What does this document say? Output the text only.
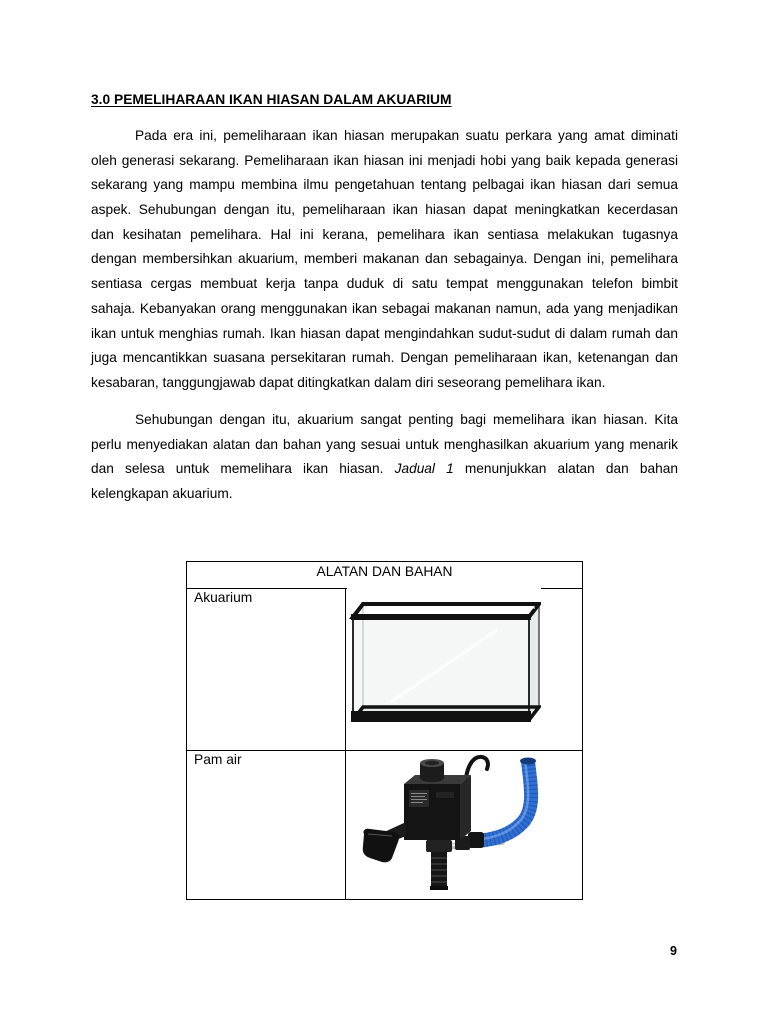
3.0 PEMELIHARAAN IKAN HIASAN DALAM AKUARIUM
Pada era ini, pemeliharaan ikan hiasan merupakan suatu perkara yang amat diminati
oleh generasi sekarang. Pemeliharaan ikan hiasan ini menjadi hobi yang baik kepada generasi
sekarang yang mampu membina ilmu pengetahuan tentang pelbagai ikan hiasan dari semua
aspek. Sehubungan dengan itu, pemeliharaan ikan hiasan dapat meningkatkan kecerdasan
dan kesihatan pemelihara. Hal ini kerana, pemelihara ikan sentiasa melakukan tugasnya
dengan membersihkan akuarium, memberi makanan dan sebagainya. Dengan ini, pemelihara
sentiasa cergas membuat kerja tanpa duduk di satu tempat menggunakan telefon bimbit
sahaja. Kebanyakan orang menggunakan ikan sebagai makanan namun, ada yang menjadikan
ikan untuk menghias rumah. Ikan hiasan dapat mengindahkan sudut-sudut di dalam rumah dan
juga mencantikkan suasana persekitaran rumah. Dengan pemeliharaan ikan, ketenangan dan
kesabaran, tanggungjawab dapat ditingkatkan dalam diri seseorang pemelihara ikan.
Sehubungan dengan itu, akuarium sangat penting bagi memelihara ikan hiasan. Kita
perlu menyediakan alatan dan bahan yang sesuai untuk menghasilkan akuarium yang menarik
dan selesa untuk memelihara ikan hiasan. Jadual 1 menunjukkan alatan dan bahan
kelengkapan akuarium.
ALATAN DAN BAHAN	
Akuarium	
Pam air	
9
